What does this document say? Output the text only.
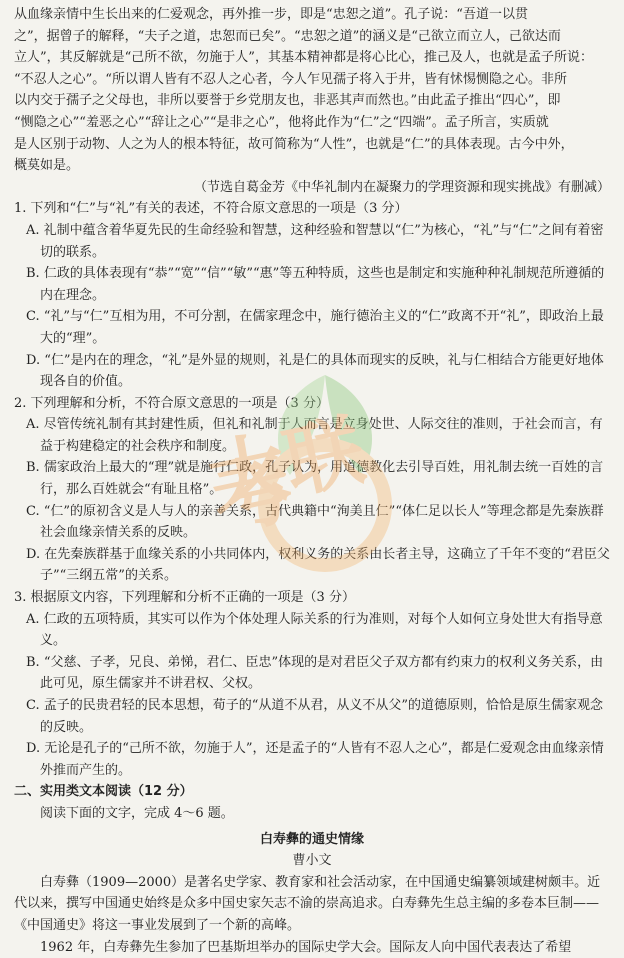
从血缘亲情中生长出来的仁爱观念，再外推一步，即是“忠恕之道”。孔子说：“吾道一以贯

之”，据曾子的解释，“夫子之道，忠恕而已矣”。“忠恕之道”的涵义是“己欲立而立人，己欲达而

立人”，其反解就是“己所不欲，勿施于人”，其基本精神都是将心比心，推己及人，也就是孟子所说：

“不忍人之心”。“所以谓人皆有不忍人之心者，今人乍见孺子将入于井，皆有怵惕恻隐之心。非所

以内交于孺子之父母也，非所以要誉于乡党朋友也，非恶其声而然也。”由此孟子推出“四心”，即

“恻隐之心”“羞恶之心”“辞让之心”“是非之心”，他将此作为“仁”之“四端”。孟子所言，实质就

是人区别于动物、人之为人的根本特征，故可简称为“人性”，也就是“仁”的具体表现。古今中外，

概莫如是。

（节选自葛金芳《中华礼制内在凝聚力的学理资源和现实挑战》有删减）

1. 下列和“仁”与“礼”有关的表述，不符合原文意思的一项是（3 分）

A. 礼制中蕴含着华夏先民的生命经验和智慧，这种经验和智慧以“仁”为核心，“礼”与“仁”之间有着密切的联系。

B. 仁政的具体表现有“恭”“宽”“信”“敏”“惠”等五种特质，这些也是制定和实施种种礼制规范所遵循的内在理念。

C. “礼”与“仁”互相为用，不可分割，在儒家理念中，施行德治主义的“仁”政离不开“礼”，即政治上最大的“理”。

D. “仁”是内在的理念，“礼”是外显的规则，礼是仁的具体而现实的反映，礼与仁相结合方能更好地体现各自的价值。

2. 下列理解和分析，不符合原文意思的一项是（3 分）

A. 尽管传统礼制有其封建性质，但礼和礼制于人而言是立身处世、人际交往的准则，于社会而言，有益于构建稳定的社会秩序和制度。

B. 儒家政治上最大的“理”就是施行仁政，孔子认为，用道德教化去引导百姓，用礼制去统一百姓的言行，那么百姓就会“有耻且格”。

C. “仁”的原初含义是人与人的亲善关系，古代典籍中“洵美且仁”“体仁足以长人”等理念都是先秦族群社会血缘亲情关系的反映。

D. 在先秦族群基于血缘关系的小共同体内，权利义务的关系由长者主导，这确立了千年不变的“君臣父子”“三纲五常”的关系。

3. 根据原文内容，下列理解和分析不正确的一项是（3 分）

A. 仁政的五项特质，其实可以作为个体处理人际关系的行为准则，对每个人如何立身处世大有指导意义。

B. “父慈、子孝，兄良、弟悌，君仁、臣忠”体现的是对君臣父子双方都有约束力的权利义务关系，由此可见，原生儒家并不讲君权、父权。

C. 孟子的民贵君轻的民本思想，荀子的“从道不从君，从义不从父”的道德原则，恰恰是原生儒家观念的反映。

D. 无论是孔子的“己所不欲，勿施于人”，还是孟子的“人皆有不忍人之心”，都是仁爱观念由血缘亲情外推而产生的。

二、实用类文本阅读（12 分）

阅读下面的文字，完成 4～6 题。

白寿彝的通史情缘

曹小文

白寿彝（1909—2000）是著名史学家、教育家和社会活动家，在中国通史编纂领域建树颇丰。近代以来，撰写中国通史始终是众多中国史家矢志不渝的崇高追求。白寿彝先生总主编的多卷本巨制——《中国通史》将这一事业发展到了一个新的高峰。

1962 年，白寿彝先生参加了巴基斯坦举办的国际史学大会。国际友人向中国代表表达了希望

大联考
